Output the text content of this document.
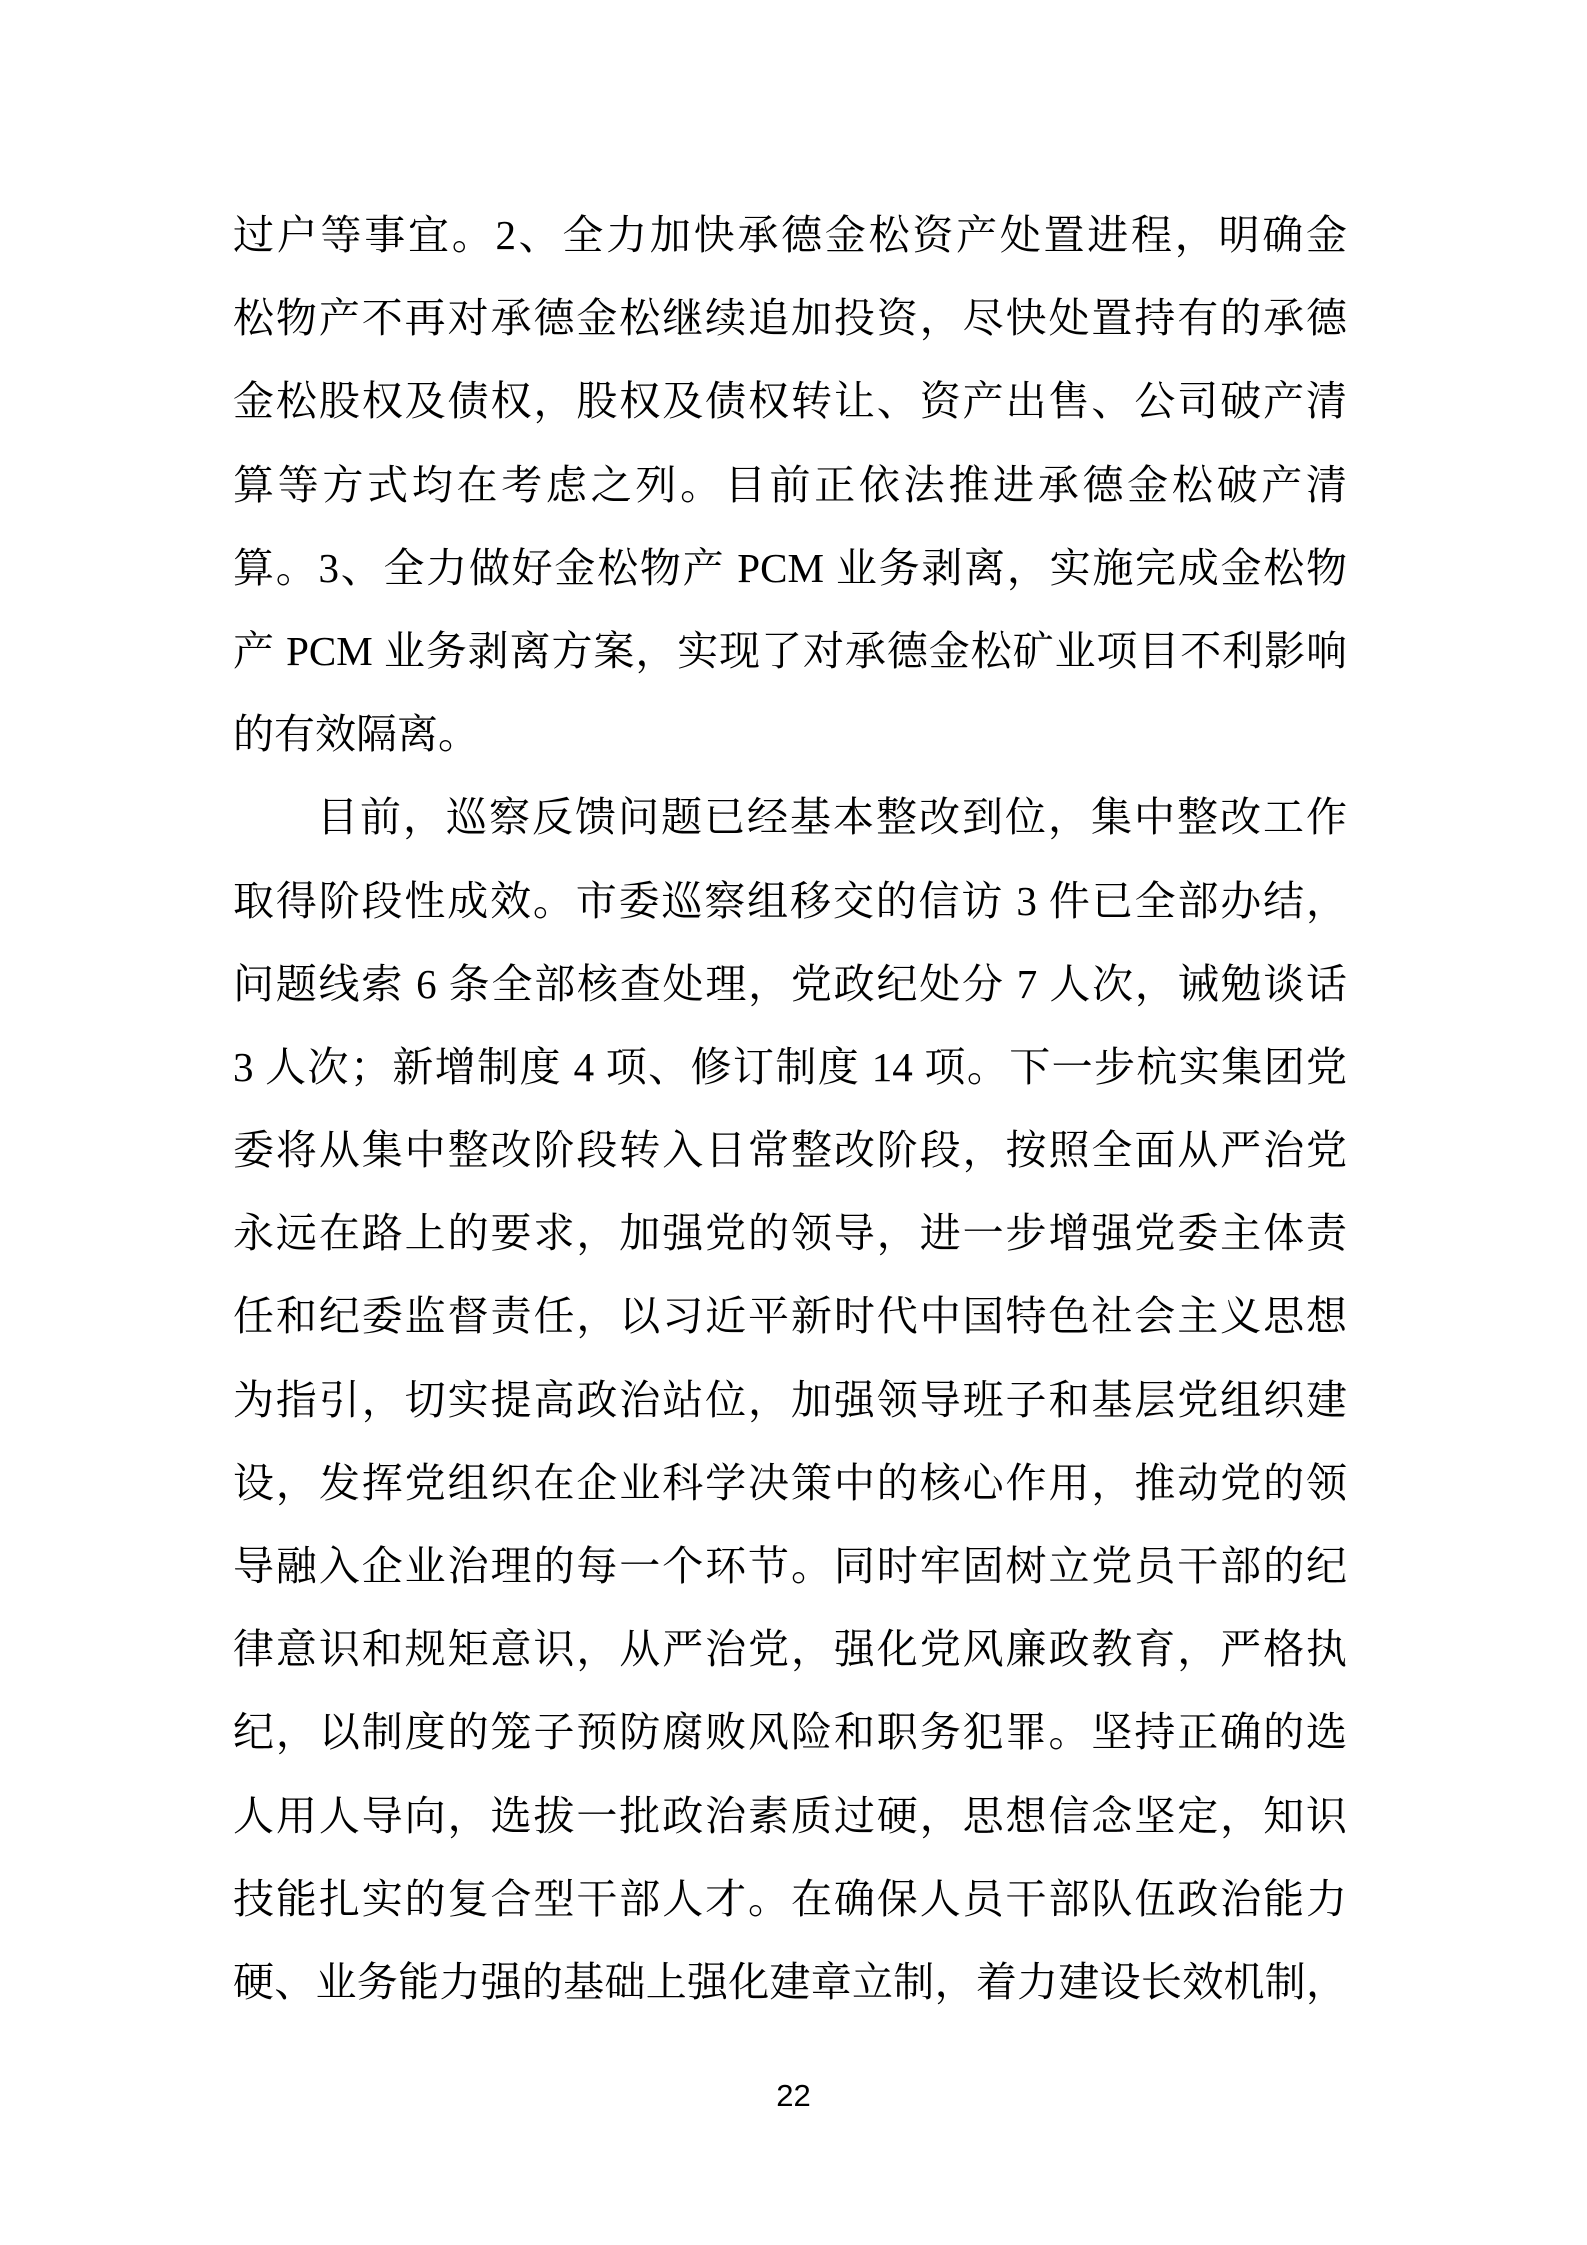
过户等事宜。2、全力加快承德金松资产处置进程，明确金
松物产不再对承德金松继续追加投资，尽快处置持有的承德
金松股权及债权，股权及债权转让、资产出售、公司破产清
算等方式均在考虑之列。目前正依法推进承德金松破产清
算。3、全力做好金松物产 PCM 业务剥离，实施完成金松物
产 PCM 业务剥离方案，实现了对承德金松矿业项目不利影响
的有效隔离。
目前，巡察反馈问题已经基本整改到位，集中整改工作
取得阶段性成效。市委巡察组移交的信访 3 件已全部办结，
问题线索 6 条全部核查处理，党政纪处分 7 人次，诫勉谈话
3 人次；新增制度 4 项、修订制度 14 项。下一步杭实集团党
委将从集中整改阶段转入日常整改阶段，按照全面从严治党
永远在路上的要求，加强党的领导，进一步增强党委主体责
任和纪委监督责任，以习近平新时代中国特色社会主义思想
为指引，切实提高政治站位，加强领导班子和基层党组织建
设，发挥党组织在企业科学决策中的核心作用，推动党的领
导融入企业治理的每一个环节。同时牢固树立党员干部的纪
律意识和规矩意识，从严治党，强化党风廉政教育，严格执
纪，以制度的笼子预防腐败风险和职务犯罪。坚持正确的选
人用人导向，选拔一批政治素质过硬，思想信念坚定，知识
技能扎实的复合型干部人才。在确保人员干部队伍政治能力
硬、业务能力强的基础上强化建章立制，着力建设长效机制，
22
